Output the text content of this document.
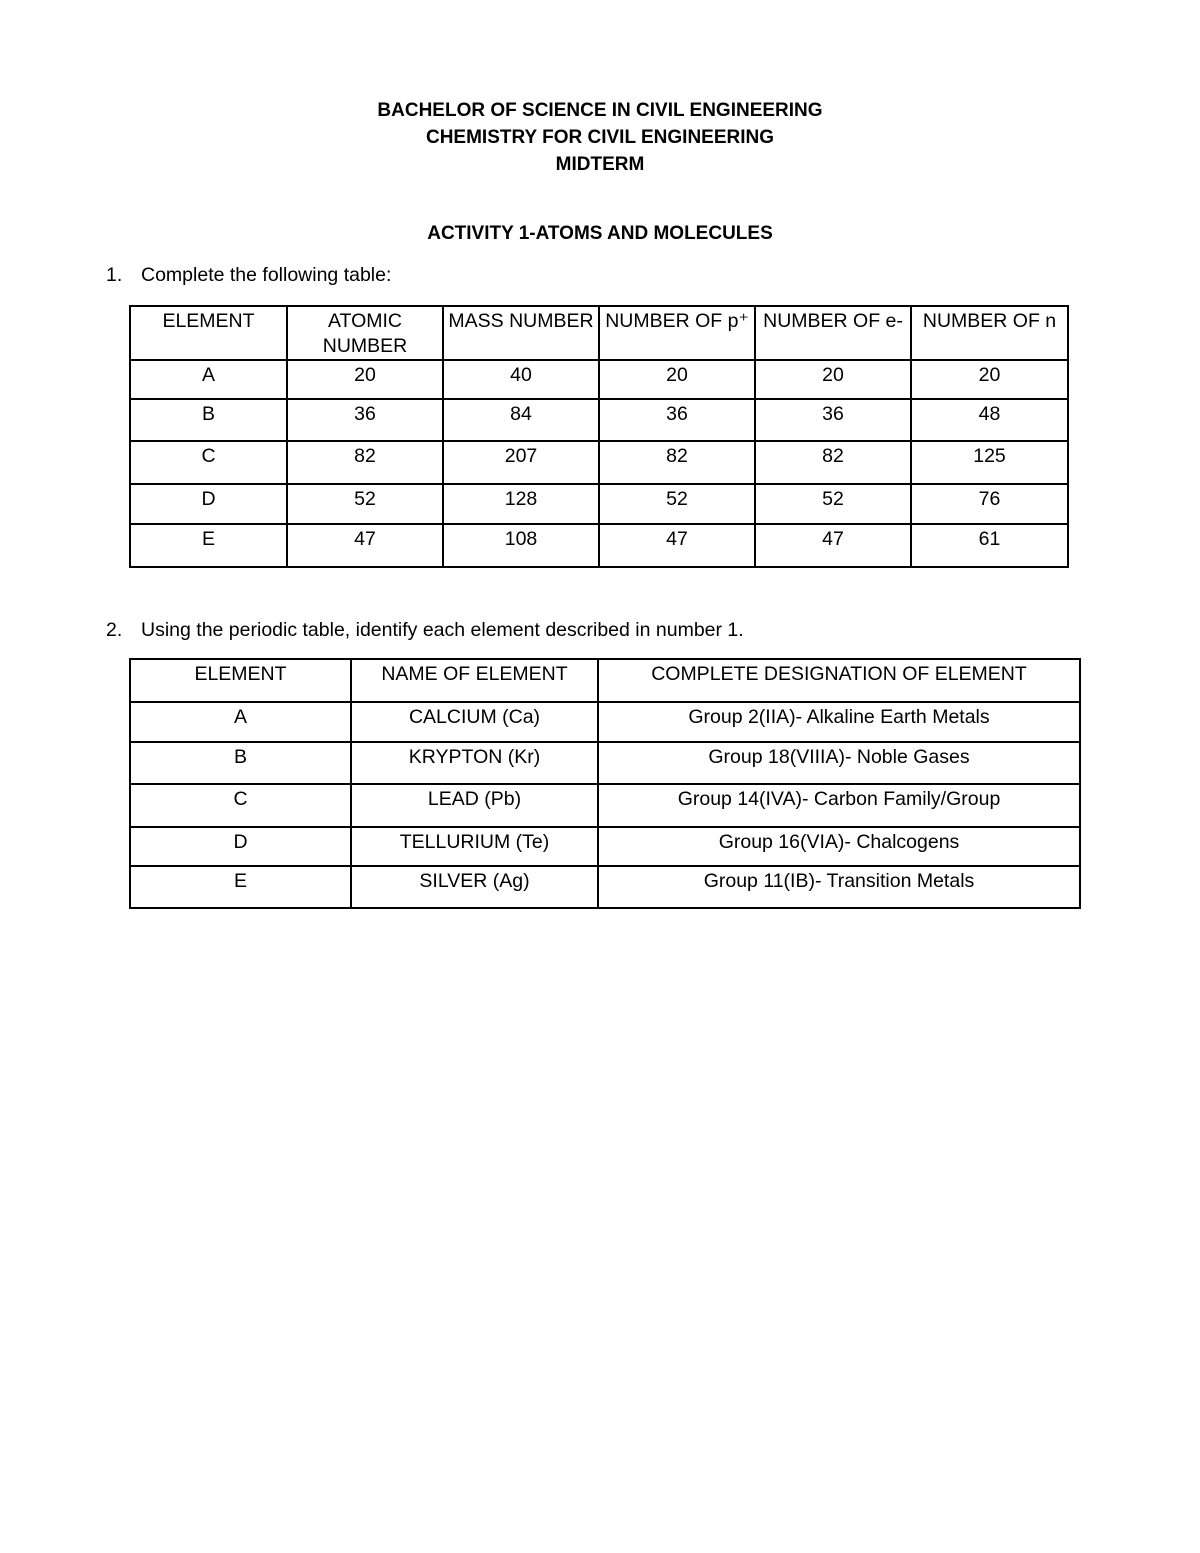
BACHELOR OF SCIENCE IN CIVIL ENGINEERING
CHEMISTRY FOR CIVIL ENGINEERING
MIDTERM
ACTIVITY 1-ATOMS AND MOLECULES
1. Complete the following table:
ELEMENT	ATOMIC NUMBER	MASS NUMBER	NUMBER OF p⁺	NUMBER OF e-	NUMBER OF n
A	20	40	20	20	20
B	36	84	36	36	48
C	82	207	82	82	125
D	52	128	52	52	76
E	47	108	47	47	61
2. Using the periodic table, identify each element described in number 1.
ELEMENT	NAME OF ELEMENT	COMPLETE DESIGNATION OF ELEMENT
A	CALCIUM (Ca)	Group 2(IIA)- Alkaline Earth Metals
B	KRYPTON (Kr)	Group 18(VIIIA)- Noble Gases
C	LEAD (Pb)	Group 14(IVA)- Carbon Family/Group
D	TELLURIUM (Te)	Group 16(VIA)- Chalcogens
E	SILVER (Ag)	Group 11(IB)- Transition Metals
